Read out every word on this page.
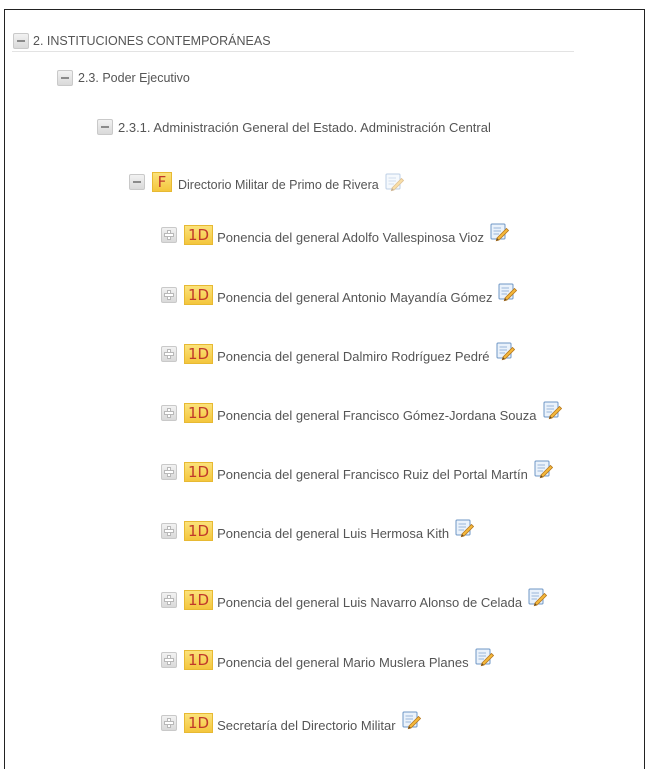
2. INSTITUCIONES CONTEMPORÁNEAS
2.3. Poder Ejecutivo
2.3.1. Administración General del Estado. Administración Central
F Directorio Militar de Primo de Rivera
1D Ponencia del general Adolfo Vallespinosa Vioz
1D Ponencia del general Antonio Mayandía Gómez
1D Ponencia del general Dalmiro Rodríguez Pedré
1D Ponencia del general Francisco Gómez-Jordana Souza
1D Ponencia del general Francisco Ruiz del Portal Martín
1D Ponencia del general Luis Hermosa Kith
1D Ponencia del general Luis Navarro Alonso de Celada
1D Ponencia del general Mario Muslera Planes
1D Secretaría del Directorio Militar
